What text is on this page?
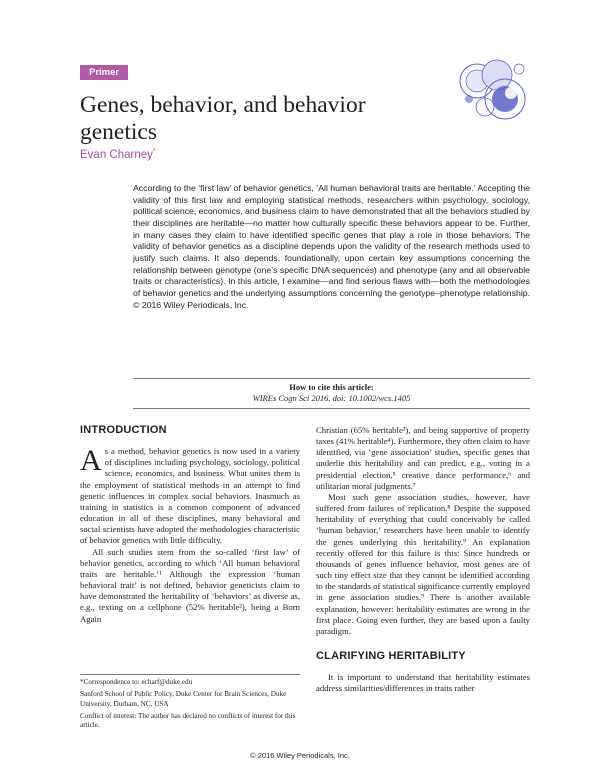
Primer
Genes, behavior, and behavior genetics
Evan Charney*

According to the ‘first law’ of behavior genetics, ‘All human behavioral traits are heritable.’ Accepting the validity of this first law and employing statistical methods, researchers within psychology, sociology, political science, economics, and business claim to have demonstrated that all the behaviors studied by their disciplines are heritable—no matter how culturally specific these behaviors appear to be. Further, in many cases they claim to have identified specific genes that play a role in those behaviors. The validity of behavior genetics as a discipline depends upon the validity of the research methods used to justify such claims. It also depends, foundationally, upon certain key assumptions concerning the relationship between genotype (one’s specific DNA sequences) and phenotype (any and all observable traits or characteristics). In this article, I examine—and find serious flaws with—both the methodologies of behavior genetics and the underlying assumptions concerning the genotype–phenotype relationship. © 2016 Wiley Periodicals, Inc.

How to cite this article:
WIREs Cogn Sci 2016. doi: 10.1002/wcs.1405
INTRODUCTION

As a method, behavior genetics is now used in a variety of disciplines including psychology, sociology, political science, economics, and business. What unites them is the employment of statistical methods in an attempt to find genetic influences in complex social behaviors. Inasmuch as training in statistics is a common component of advanced education in all of these disciplines, many behavioral and social scientists have adopted the methodologies characteristic of behavior genetics with little difficulty.

All such studies stem from the so-called ‘first law’ of behavior genetics, according to which ‘All human behavioral traits are heritable.’¹ Although the expression ‘human behavioral trait’ is not defined, behavior geneticists claim to have demonstrated the heritability of ‘behaviors’ as diverse as, e.g., texting on a cellphone (52% heritable²), being a Born Again

Christian (65% heritable³), and being supportive of property taxes (41% heritable⁴). Furthermore, they often claim to have identified, via ‘gene association’ studies, specific genes that underlie this heritability and can predict, e.g., voting in a presidential election,⁵ creative dance performance,⁶ and utilitarian moral judgments.⁷

Most such gene association studies, however, have suffered from failures of replication.⁸ Despite the supposed heritability of everything that could conceivably be called ‘human behavior,’ researchers have been unable to identify the genes underlying this heritability.⁹ An explanation recently offered for this failure is this: Since hundreds or thousands of genes influence behavior, most genes are of such tiny effect size that they cannot be identified according to the standards of statistical significance currently employed in gene association studies.⁹ There is another available explanation, however: heritability estimates are wrong in the first place. Going even further, they are based upon a faulty paradigm.

CLARIFYING HERITABILITY

It is important to understand that heritability estimates address similarities/differences in traits rather

*Correspondence to: echarf@duke.edu

Sanford School of Public Policy, Duke Center for Brain Sciences, Duke University, Durham, NC, USA

Conflict of interest: The author has declared no conflicts of interest for this article.

© 2016 Wiley Periodicals, Inc.
